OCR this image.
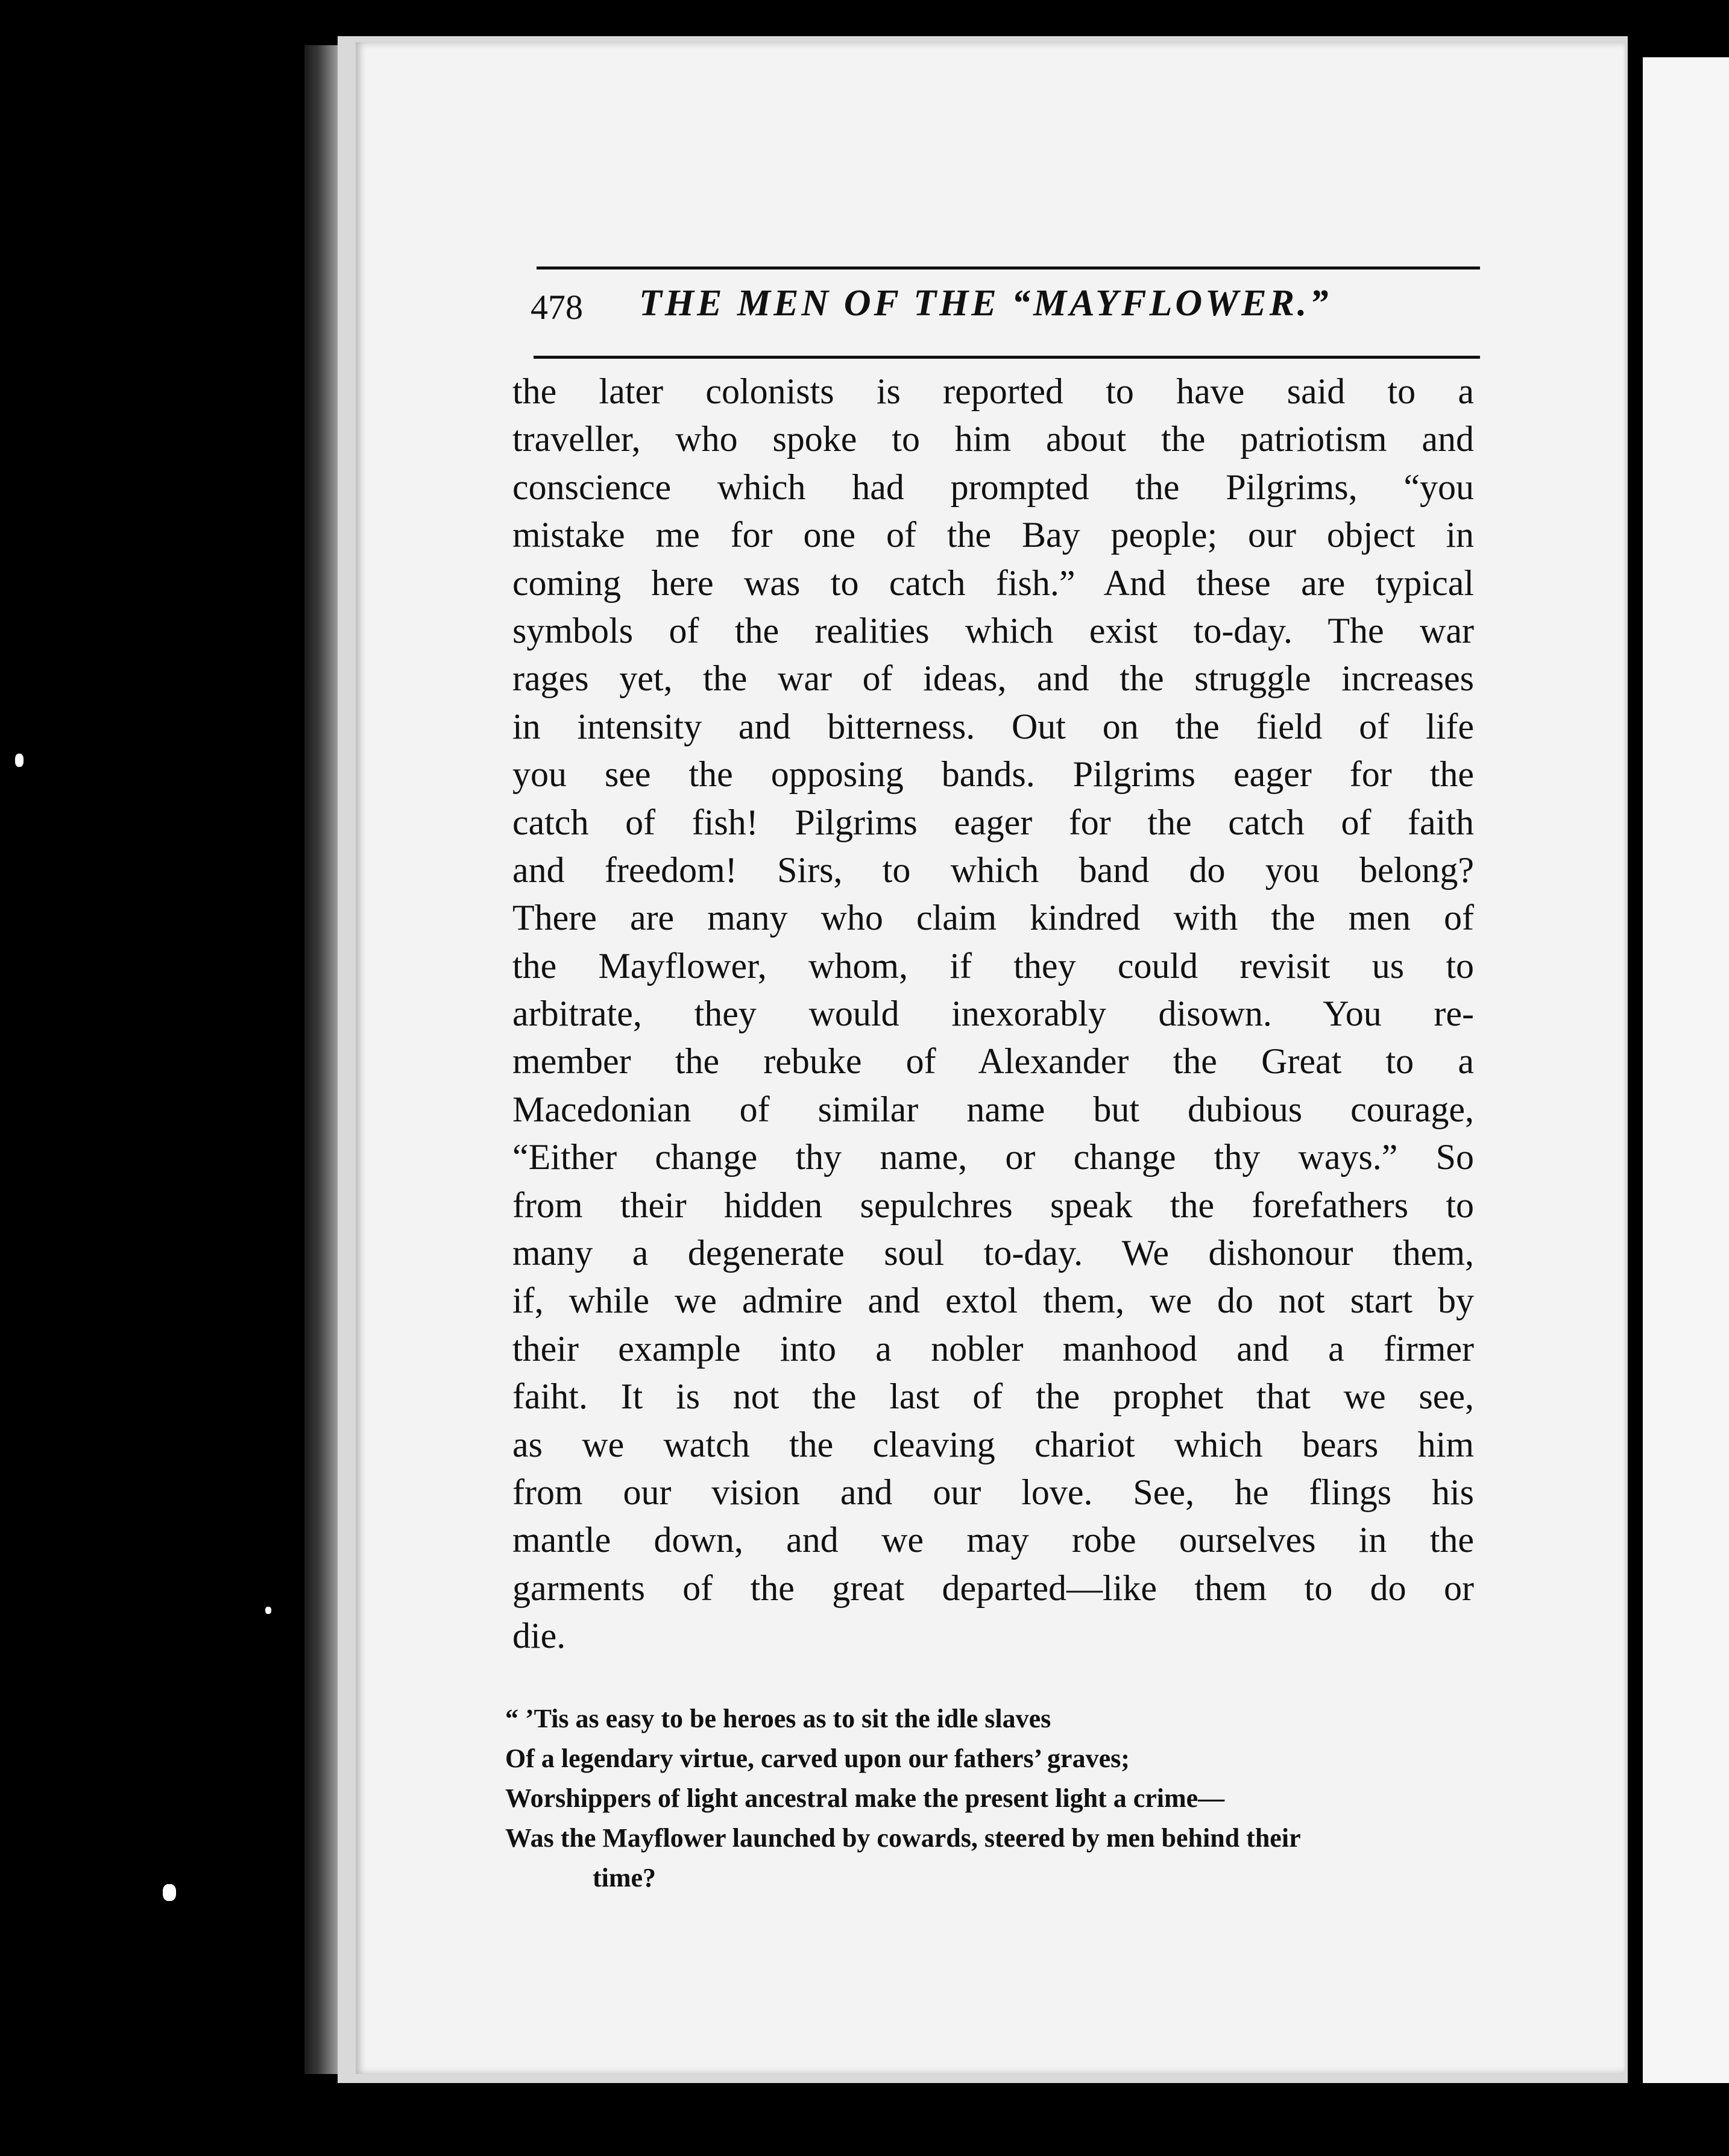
478 THE MEN OF THE “MAYFLOWER.”
the later colonists is reported to have said to a
traveller, who spoke to him about the patriotism and
conscience which had prompted the Pilgrims, “you
mistake me for one of the Bay people; our object in
coming here was to catch fish.” And these are typical
symbols of the realities which exist to-day. The war
rages yet, the war of ideas, and the struggle increases
in intensity and bitterness. Out on the field of life
you see the opposing bands. Pilgrims eager for the
catch of fish! Pilgrims eager for the catch of faith
and freedom! Sirs, to which band do you belong?
There are many who claim kindred with the men of
the Mayflower, whom, if they could revisit us to
arbitrate, they would inexorably disown. You re-
member the rebuke of Alexander the Great to a
Macedonian of similar name but dubious courage,
“Either change thy name, or change thy ways.” So
from their hidden sepulchres speak the forefathers to
many a degenerate soul to-day. We dishonour them,
if, while we admire and extol them, we do not start by
their example into a nobler manhood and a firmer
faiht. It is not the last of the prophet that we see,
as we watch the cleaving chariot which bears him
from our vision and our love. See, he flings his
mantle down, and we may robe ourselves in the
garments of the great departed—like them to do or
die.
“ ’Tis as easy to be heroes as to sit the idle slaves
Of a legendary virtue, carved upon our fathers’ graves;
Worshippers of light ancestral make the present light a crime—
Was the Mayflower launched by cowards, steered by men behind their
time?
